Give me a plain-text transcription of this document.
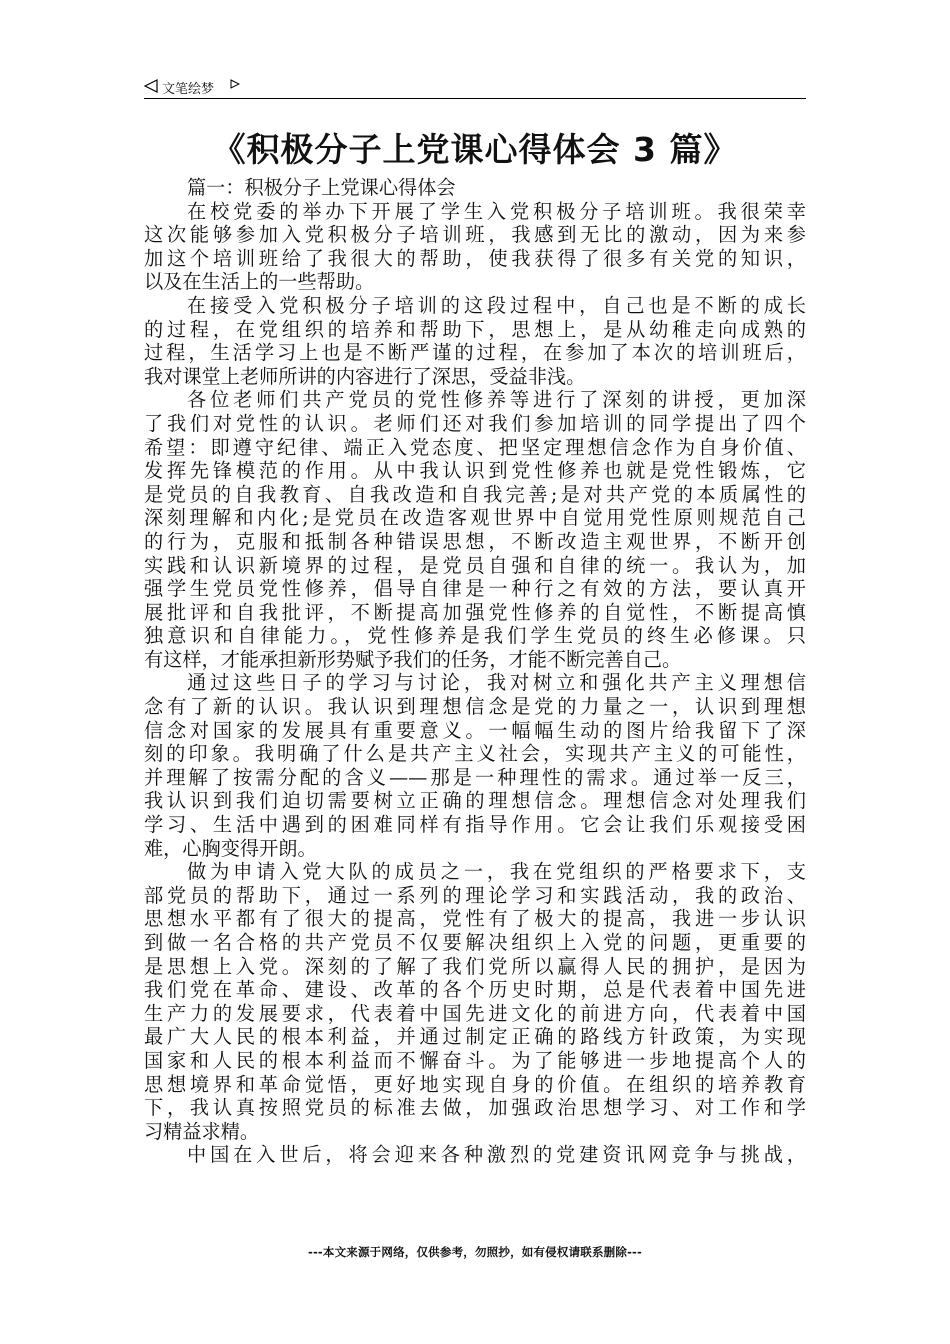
文笔绘梦
《积极分子上党课心得体会 3 篇》
篇一：积极分子上党课心得体会
在校党委的举办下开展了学生入党积极分子培训班。我很荣幸
这次能够参加入党积极分子培训班，我感到无比的激动，因为来参
加这个培训班给了我很大的帮助，使我获得了很多有关党的知识，
以及在生活上的一些帮助。
在接受入党积极分子培训的这段过程中，自己也是不断的成长
的过程，在党组织的培养和帮助下，思想上，是从幼稚走向成熟的
过程，生活学习上也是不断严谨的过程，在参加了本次的培训班后，
我对课堂上老师所讲的内容进行了深思，受益非浅。
各位老师们共产党员的党性修养等进行了深刻的讲授，更加深
了我们对党性的认识。老师们还对我们参加培训的同学提出了四个
希望：即遵守纪律、端正入党态度、把坚定理想信念作为自身价值、
发挥先锋模范的作用。从中我认识到党性修养也就是党性锻炼，它
是党员的自我教育、自我改造和自我完善;是对共产党的本质属性的
深刻理解和内化;是党员在改造客观世界中自觉用党性原则规范自己
的行为，克服和抵制各种错误思想，不断改造主观世界，不断开创
实践和认识新境界的过程，是党员自强和自律的统一。我认为，加
强学生党员党性修养，倡导自律是一种行之有效的方法，要认真开
展批评和自我批评，不断提高加强党性修养的自觉性，不断提高慎
独意识和自律能力。，党性修养是我们学生党员的终生必修课。只
有这样，才能承担新形势赋予我们的任务，才能不断完善自己。
通过这些日子的学习与讨论，我对树立和强化共产主义理想信
念有了新的认识。我认识到理想信念是党的力量之一，认识到理想
信念对国家的发展具有重要意义。一幅幅生动的图片给我留下了深
刻的印象。我明确了什么是共产主义社会，实现共产主义的可能性，
并理解了按需分配的含义——那是一种理性的需求。通过举一反三，
我认识到我们迫切需要树立正确的理想信念。理想信念对处理我们
学习、生活中遇到的困难同样有指导作用。它会让我们乐观接受困
难，心胸变得开朗。
做为申请入党大队的成员之一，我在党组织的严格要求下，支
部党员的帮助下，通过一系列的理论学习和实践活动，我的政治、
思想水平都有了很大的提高，党性有了极大的提高，我进一步认识
到做一名合格的共产党员不仅要解决组织上入党的问题，更重要的
是思想上入党。深刻的了解了我们党所以赢得人民的拥护，是因为
我们党在革命、建设、改革的各个历史时期，总是代表着中国先进
生产力的发展要求，代表着中国先进文化的前进方向，代表着中国
最广大人民的根本利益，并通过制定正确的路线方针政策，为实现
国家和人民的根本利益而不懈奋斗。为了能够进一步地提高个人的
思想境界和革命觉悟，更好地实现自身的价值。在组织的培养教育
下，我认真按照党员的标准去做，加强政治思想学习、对工作和学
习精益求精。
中国在入世后，将会迎来各种激烈的党建资讯网竞争与挑战，
---本文来源于网络，仅供参考，勿照抄，如有侵权请联系删除---
